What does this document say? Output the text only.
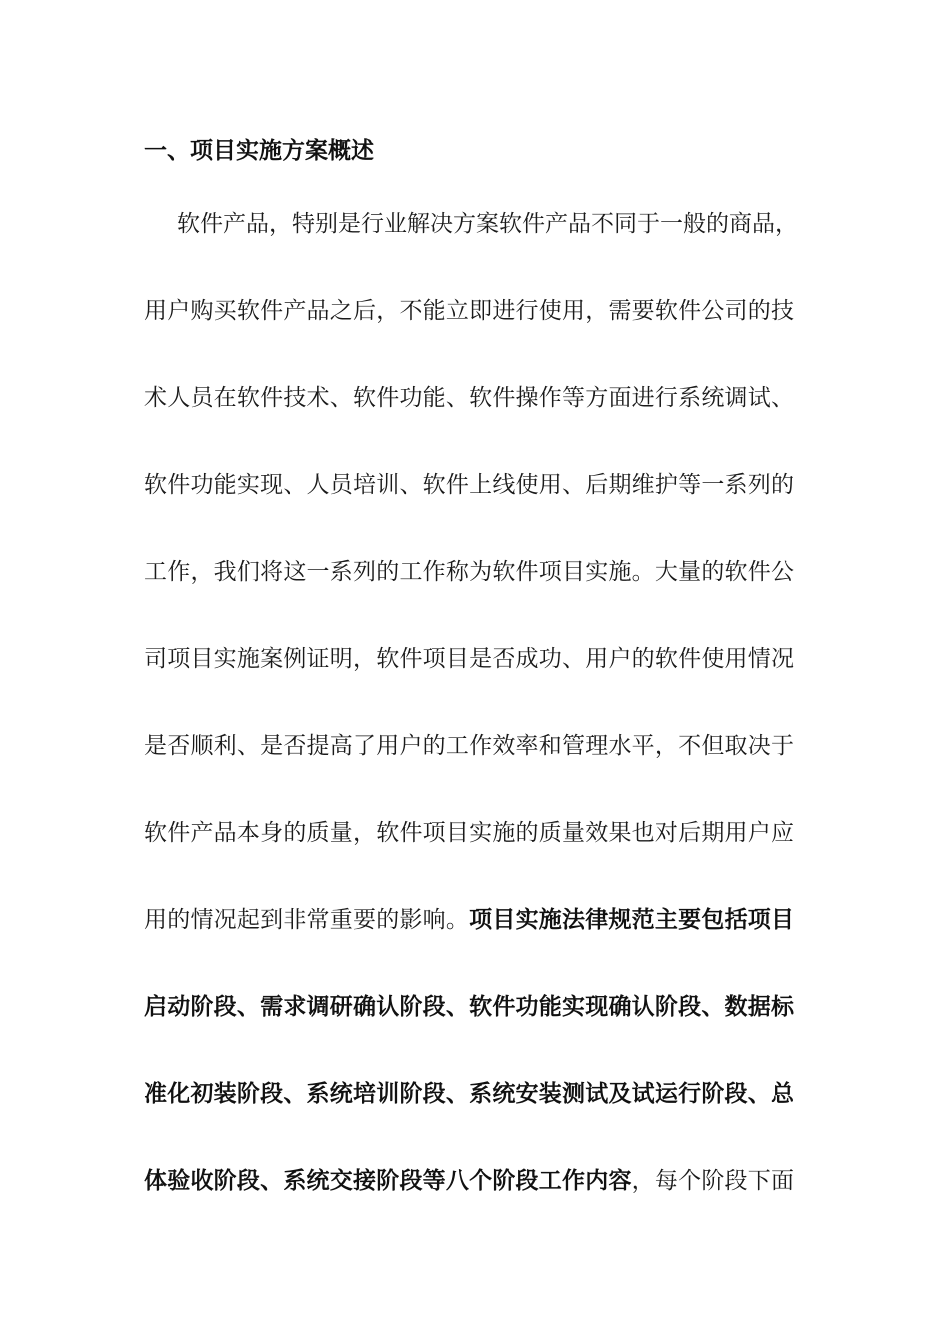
一、项目实施方案概述

软件产品，特别是行业解决方案软件产品不同于一般的商品，

用户购买软件产品之后，不能立即进行使用，需要软件公司的技

术人员在软件技术、软件功能、软件操作等方面进行系统调试、

软件功能实现、人员培训、软件上线使用、后期维护等一系列的

工作，我们将这一系列的工作称为软件项目实施。大量的软件公

司项目实施案例证明，软件项目是否成功、用户的软件使用情况

是否顺利、是否提高了用户的工作效率和管理水平，不但取决于

软件产品本身的质量，软件项目实施的质量效果也对后期用户应

用的情况起到非常重要的影响。项目实施法律规范主要包括项目

启动阶段、需求调研确认阶段、软件功能实现确认阶段、数据标

准化初装阶段、系统培训阶段、系统安装测试及试运行阶段、总

体验收阶段、系统交接阶段等八个阶段工作内容，每个阶段下面
